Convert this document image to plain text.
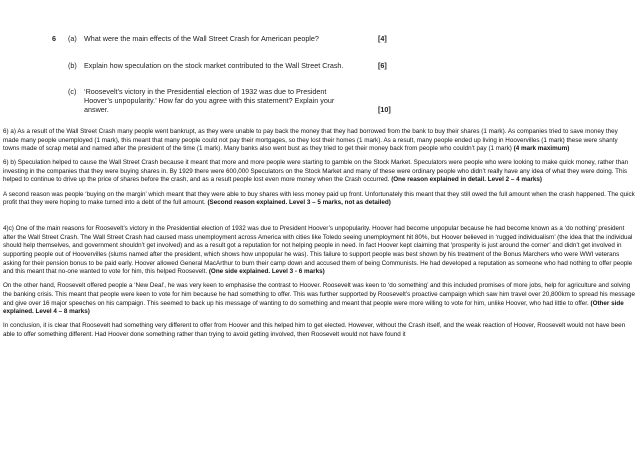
6 (a) What were the main effects of the Wall Street Crash for American people?	[4]
(b) Explain how speculation on the stock market contributed to the Wall Street Crash.	[6]
(c) ‘Roosevelt’s victory in the Presidential election of 1932 was due to President Hoover’s unpopularity.’ How far do you agree with this statement? Explain your answer.	[10]

6) a) As a result of the Wall Street Crash many people went bankrupt, as they were unable to pay back the money that they had borrowed from the bank to buy their shares (1 mark). As companies tried to save money they made many people unemployed (1 mark), this meant that many people could not pay their mortgages, so they lost their homes (1 mark). As a result, many people ended up living in Hoovervilles (1 mark) these were shanty towns made of scrap metal and named after the president of the time (1 mark). Many banks also went bust as they tried to get their money back from people who couldn’t pay (1 mark) (4 mark maximum)

6) b) Speculation helped to cause the Wall Street Crash because it meant that more and more people were starting to gamble on the Stock Market. Speculators were people who were looking to make quick money, rather than investing in the companies that they were buying shares in. By 1929 there were 600,000 Speculators on the Stock Market and many of these were ordinary people who didn’t really have any idea of what they were doing. This helped to continue to drive up the price of shares before the crash, and as a result people lost even more money when the Crash occurred. (One reason explained in detail. Level 2 – 4 marks)

A second reason was people ‘buying on the margin’ which meant that they were able to buy shares with less money paid up front. Unfortunately this meant that they still owed the full amount when the crash happened. The quick profit that they were hoping to make turned into a debt of the full amount. (Second reason explained. Level 3 – 5 marks, not as detailed)

4)c) One of the main reasons for Roosevelt’s victory in the Presidential election of 1932 was due to President Hoover’s unpopularity. Hoover had become unpopular because he had become known as a ‘do nothing’ president after the Wall Street Crash. The Wall Street Crash had caused mass unemployment across America with cities like Toledo seeing unemployment hit 80%, but Hoover believed in ‘rugged individualism’ (the idea that the individual should help themselves, and government shouldn’t get involved) and as a result got a reputation for not helping people in need. In fact Hoover kept claiming that ‘prosperity is just around the corner’ and didn’t get involved in supporting people out of Hoovervilles (slums named after the president, which shows how unpopular he was). This failure to support people was best shown by his treatment of the Bonus Marchers who were WWI veterans asking for their pension bonus to be paid early. Hoover allowed General MacArthur to burn their camp down and accused them of being Communists. He had developed a reputation as someone who had nothing to offer people and this meant that no-one wanted to vote for him, this helped Roosevelt. (One side explained. Level 3 - 6 marks)

On the other hand, Roosevelt offered people a ‘New Deal’, he was very keen to emphasise the contrast to Hoover. Roosevelt was keen to ‘do something’ and this included promises of more jobs, help for agriculture and solving the banking crisis. This meant that people were keen to vote for him because he had something to offer. This was further supported by Roosevelt’s proactive campaign which saw him travel over 20,800km to spread his message and give over 16 major speeches on his campaign. This seemed to back up his message of wanting to do something and meant that people were more willing to vote for him, unlike Hoover, who had little to offer. (Other side explained. Level 4 – 8 marks)

In conclusion, it is clear that Roosevelt had something very different to offer from Hoover and this helped him to get elected. However, without the Crash itself, and the weak reaction of Hoover, Roosevelt would not have been able to offer something different. Had Hoover done something rather than trying to avoid getting involved, then Roosevelt would not have found it
